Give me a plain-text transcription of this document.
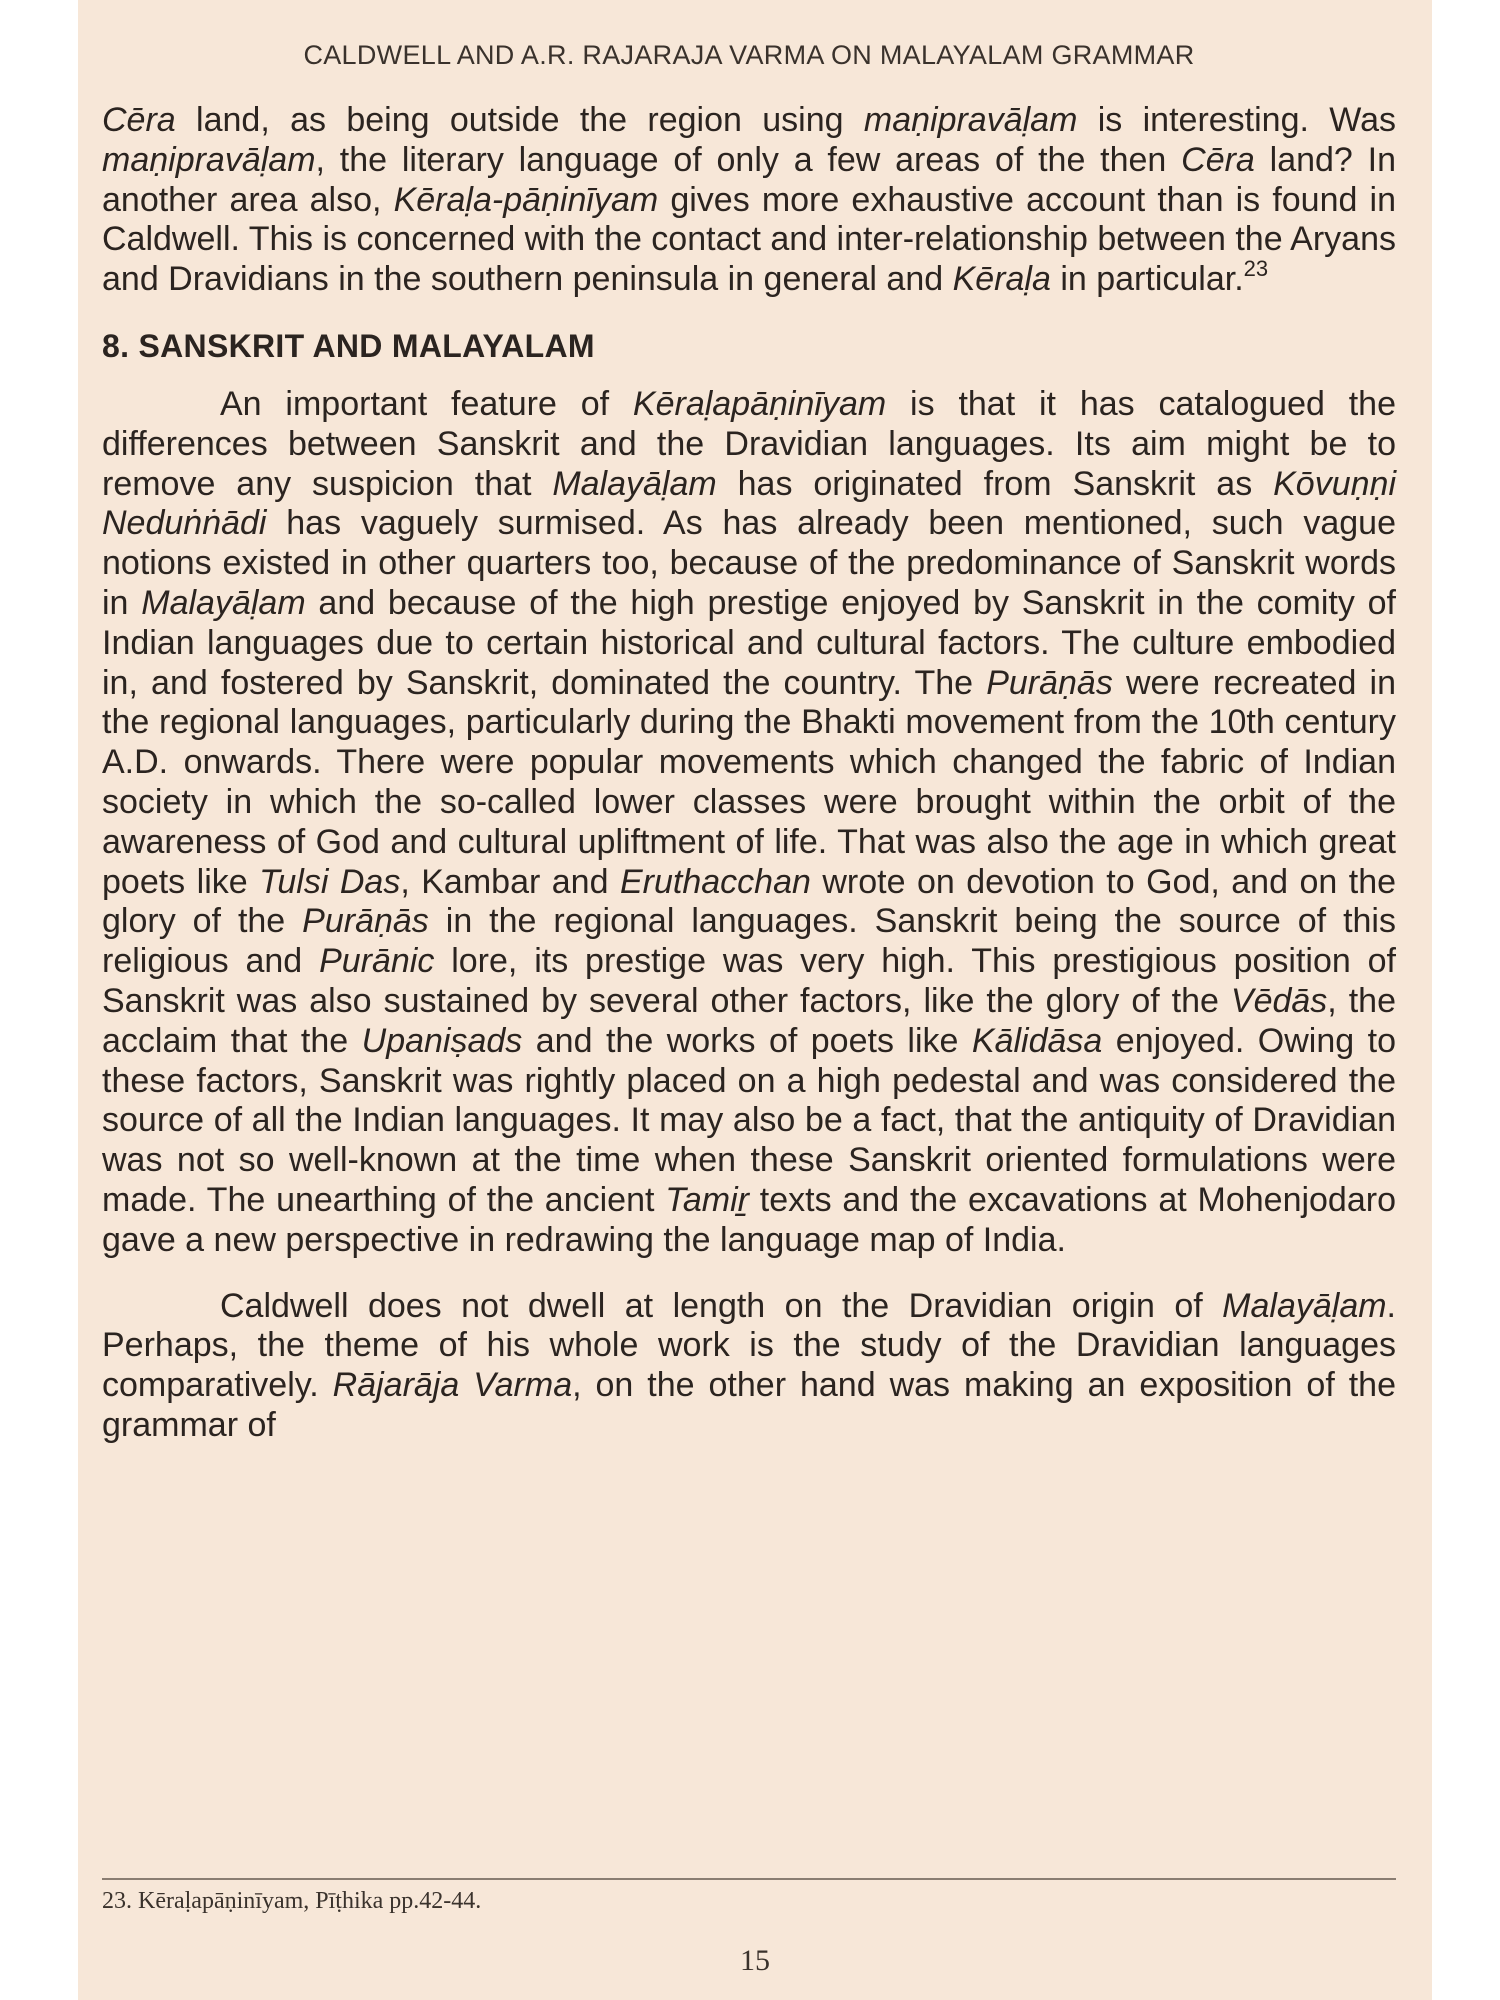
CALDWELL AND A.R. RAJARAJA VARMA ON MALAYALAM GRAMMAR

Cēra land, as being outside the region using maṇipravāḷam is interesting. Was maṇipravāḷam, the literary language of only a few areas of the then Cēra land? In another area also, Kēraḷa-pāṇinīyam gives more exhaustive account than is found in Caldwell. This is concerned with the contact and inter-relationship between the Aryans and Dravidians in the southern peninsula in general and Kēraḷa in particular.$^{23}$

8. SANSKRIT AND MALAYALAM

An important feature of Kēraḷapāṇinīyam is that it has catalogued the differences between Sanskrit and the Dravidian languages. Its aim might be to remove any suspicion that Malayāḷam has originated from Sanskrit as Kōvuṇṇi Neduṅṅādi has vaguely surmised. As has already been mentioned, such vague notions existed in other quarters too, because of the predominance of Sanskrit words in Malayāḷam and because of the high prestige enjoyed by Sanskrit in the comity of Indian languages due to certain historical and cultural factors. The culture embodied in, and fostered by Sanskrit, dominated the country. The Purāṇās were recreated in the regional languages, particularly during the Bhakti movement from the 10th century A.D. onwards. There were popular movements which changed the fabric of Indian society in which the so-called lower classes were brought within the orbit of the awareness of God and cultural upliftment of life. That was also the age in which great poets like Tulsi Das, Kambar and Eruthacchan wrote on devotion to God, and on the glory of the Purāṇās in the regional languages. Sanskrit being the source of this religious and Purānic lore, its prestige was very high. This prestigious position of Sanskrit was also sustained by several other factors, like the glory of the Vēdās, the acclaim that the Upaniṣads and the works of poets like Kālidāsa enjoyed. Owing to these factors, Sanskrit was rightly placed on a high pedestal and was considered the source of all the Indian languages. It may also be a fact, that the antiquity of Dravidian was not so well-known at the time when these Sanskrit oriented formulations were made. The unearthing of the ancient Tamiṟ texts and the excavations at Mohenjodaro gave a new perspective in redrawing the language map of India.

Caldwell does not dwell at length on the Dravidian origin of Malayāḷam. Perhaps, the theme of his whole work is the study of the Dravidian languages comparatively. Rājarāja Varma, on the other hand was making an exposition of the grammar of

23. Kēraḷapāṇinīyam, Pīṭhika pp.42-44.
15
